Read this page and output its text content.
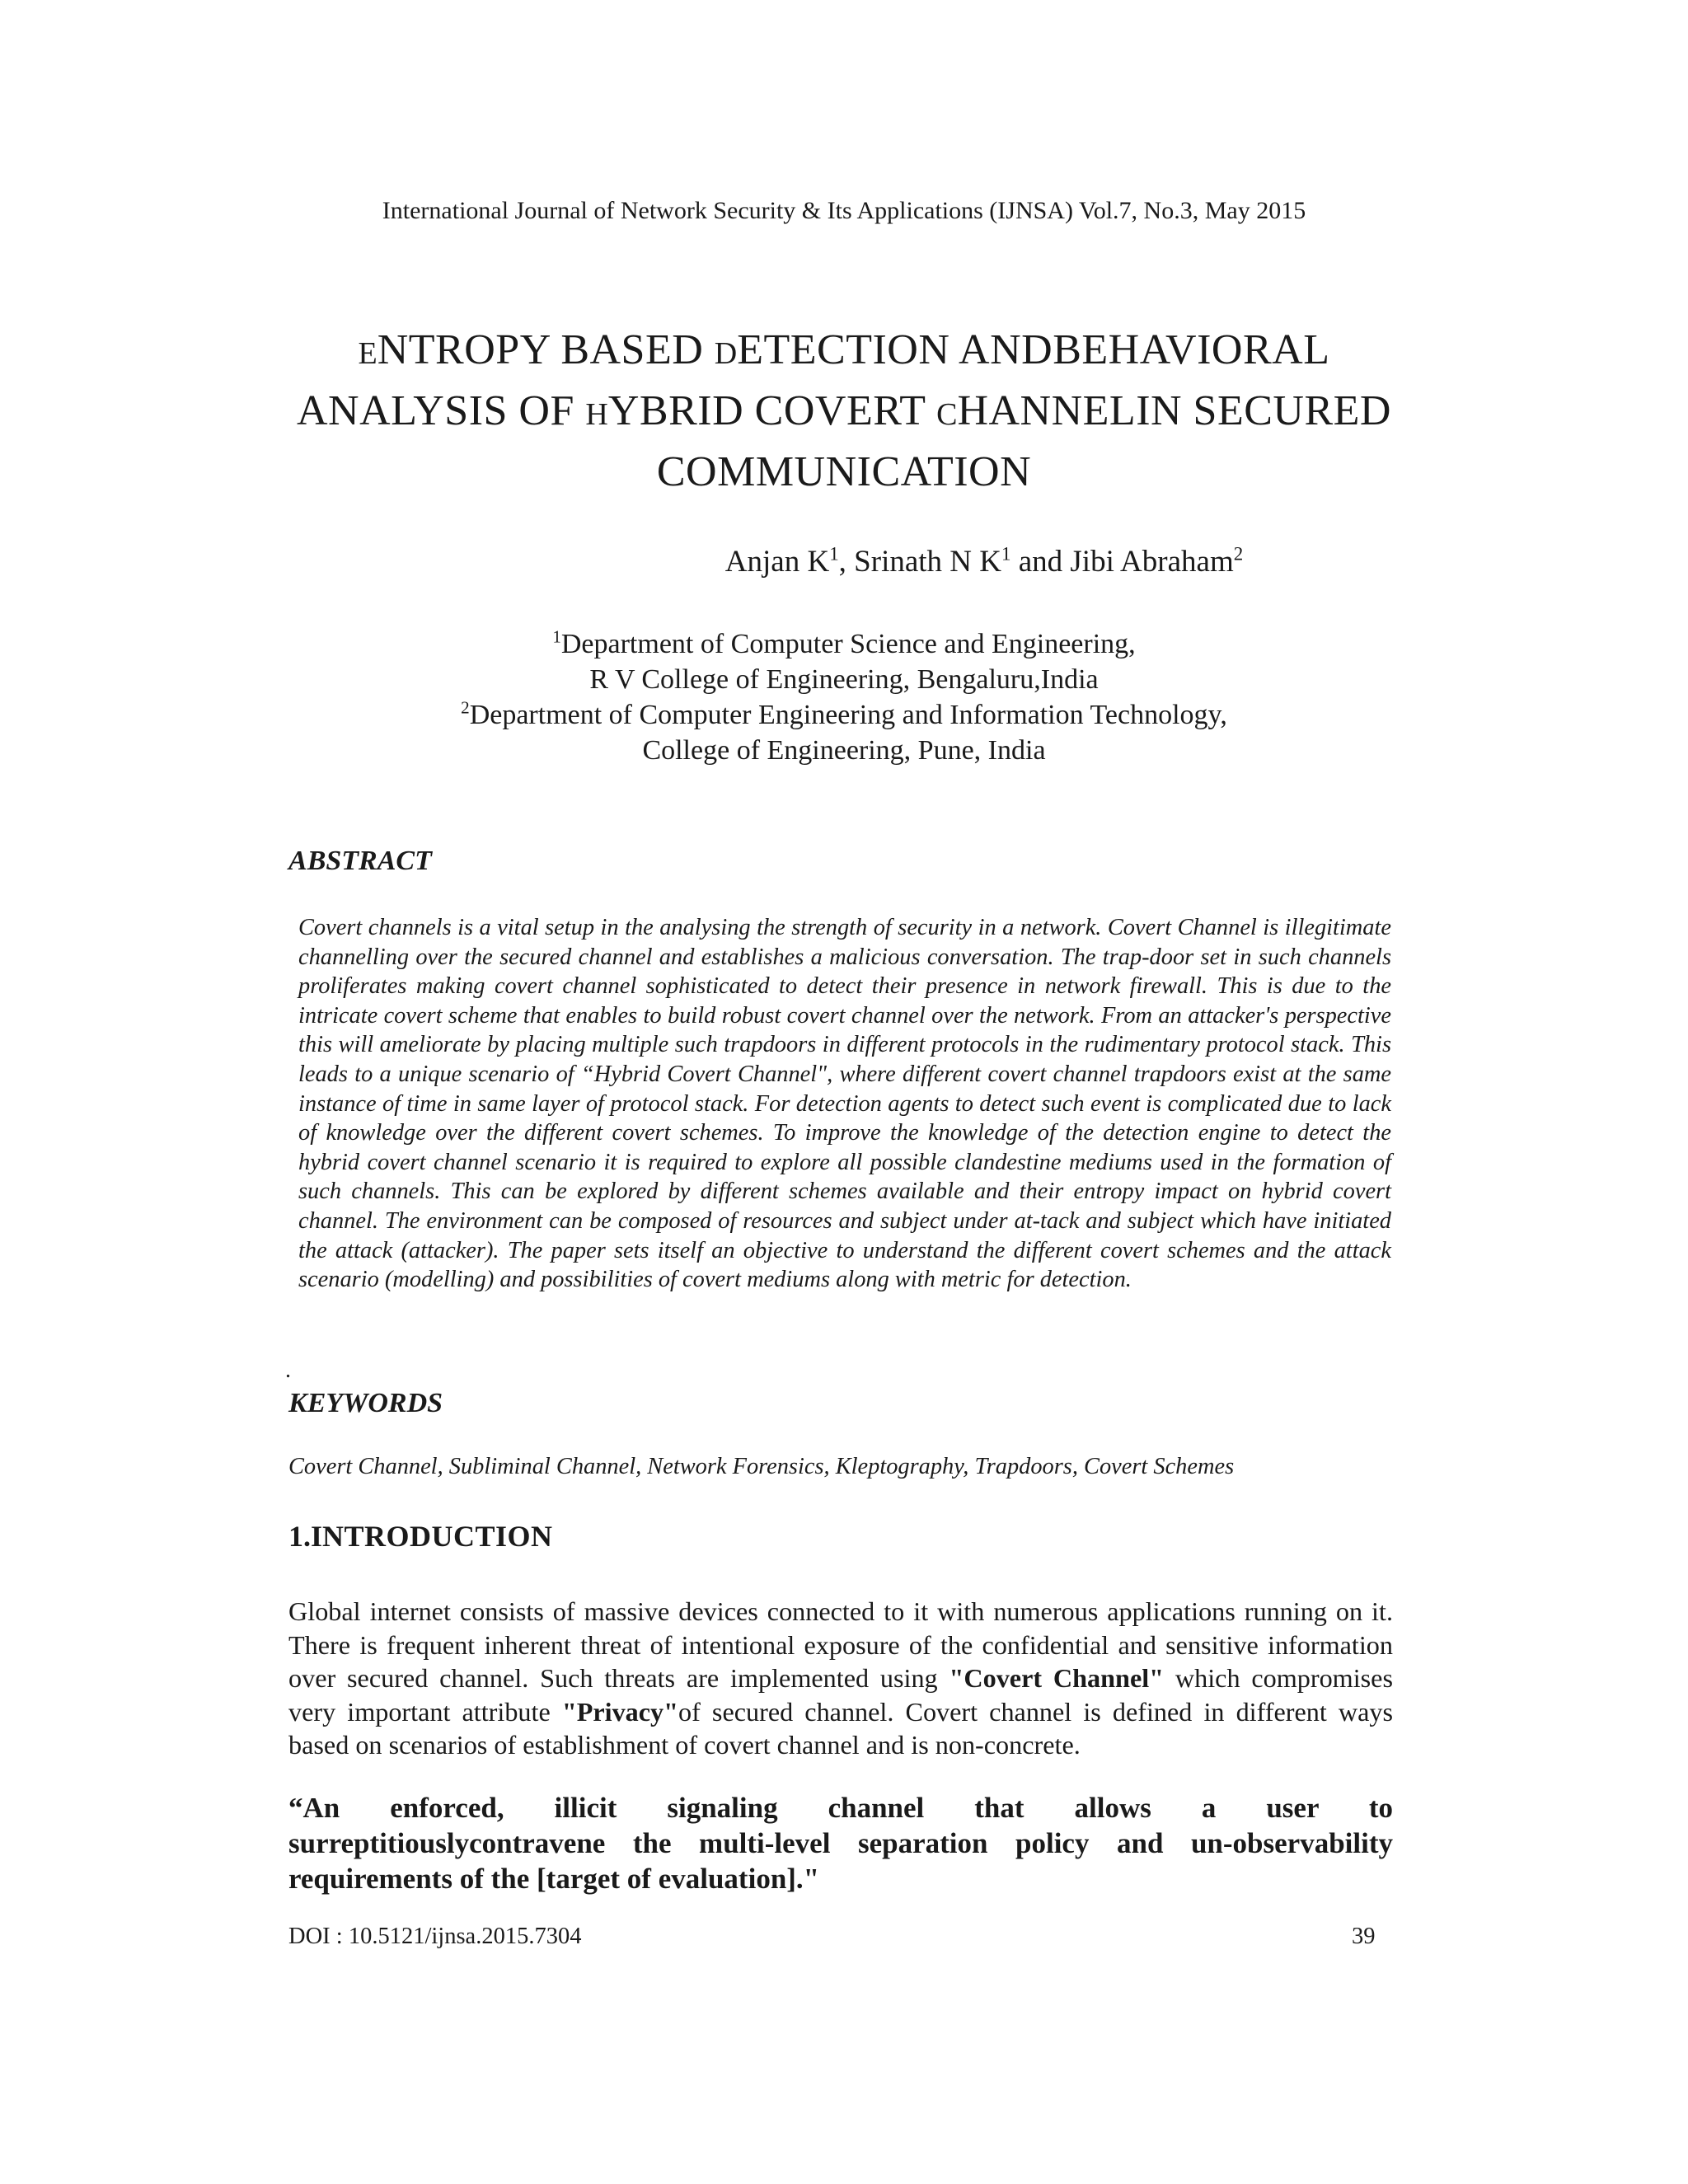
International Journal of Network Security & Its Applications (IJNSA) Vol.7, No.3, May 2015
ENTROPY BASED DETECTION ANDBEHAVIORAL
ANALYSIS OF HYBRID COVERT CHANNELIN SECURED
COMMUNICATION
Anjan $K^1$, Srinath N $K^1$ and Jibi Abraham$^2$
$^1$Department of Computer Science and Engineering,
R V College of Engineering, Bengaluru,India
$^2$Department of Computer Engineering and Information Technology,
College of Engineering, Pune, India
ABSTRACT
Covert channels is a vital setup in the analysing the strength of security in a network. Covert Channel is illegitimate channelling over the secured channel and establishes a malicious conversation. The trap-door set in such channels proliferates making covert channel sophisticated to detect their presence in network firewall. This is due to the intricate covert scheme that enables to build robust covert channel over the network. From an attacker's perspective this will ameliorate by placing multiple such trapdoors in different protocols in the rudimentary protocol stack. This leads to a unique scenario of “Hybrid Covert Channel", where different covert channel trapdoors exist at the same instance of time in same layer of protocol stack. For detection agents to detect such event is complicated due to lack of knowledge over the different covert schemes. To improve the knowledge of the detection engine to detect the hybrid covert channel scenario it is required to explore all possible clandestine mediums used in the formation of such channels. This can be explored by different schemes available and their entropy impact on hybrid covert channel. The environment can be composed of resources and subject under at-tack and subject which have initiated the attack (attacker). The paper sets itself an objective to understand the different covert schemes and the attack scenario (modelling) and possibilities of covert mediums along with metric for detection.
.
KEYWORDS
Covert Channel, Subliminal Channel, Network Forensics, Kleptography, Trapdoors, Covert Schemes
1.INTRODUCTION
Global internet consists of massive devices connected to it with numerous applications running on it. There is frequent inherent threat of intentional exposure of the confidential and sensitive information over secured channel. Such threats are implemented using "Covert Channel" which compromises very important attribute "Privacy"of secured channel. Covert channel is defined in different ways based on scenarios of establishment of covert channel and is non-concrete.
“An enforced, illicit signaling channel that allows a user to
surreptitiouslycontravene the multi-level separation policy and un-observability requirements of the [target of evaluation]."
DOI : 10.5121/ijnsa.2015.7304	39
